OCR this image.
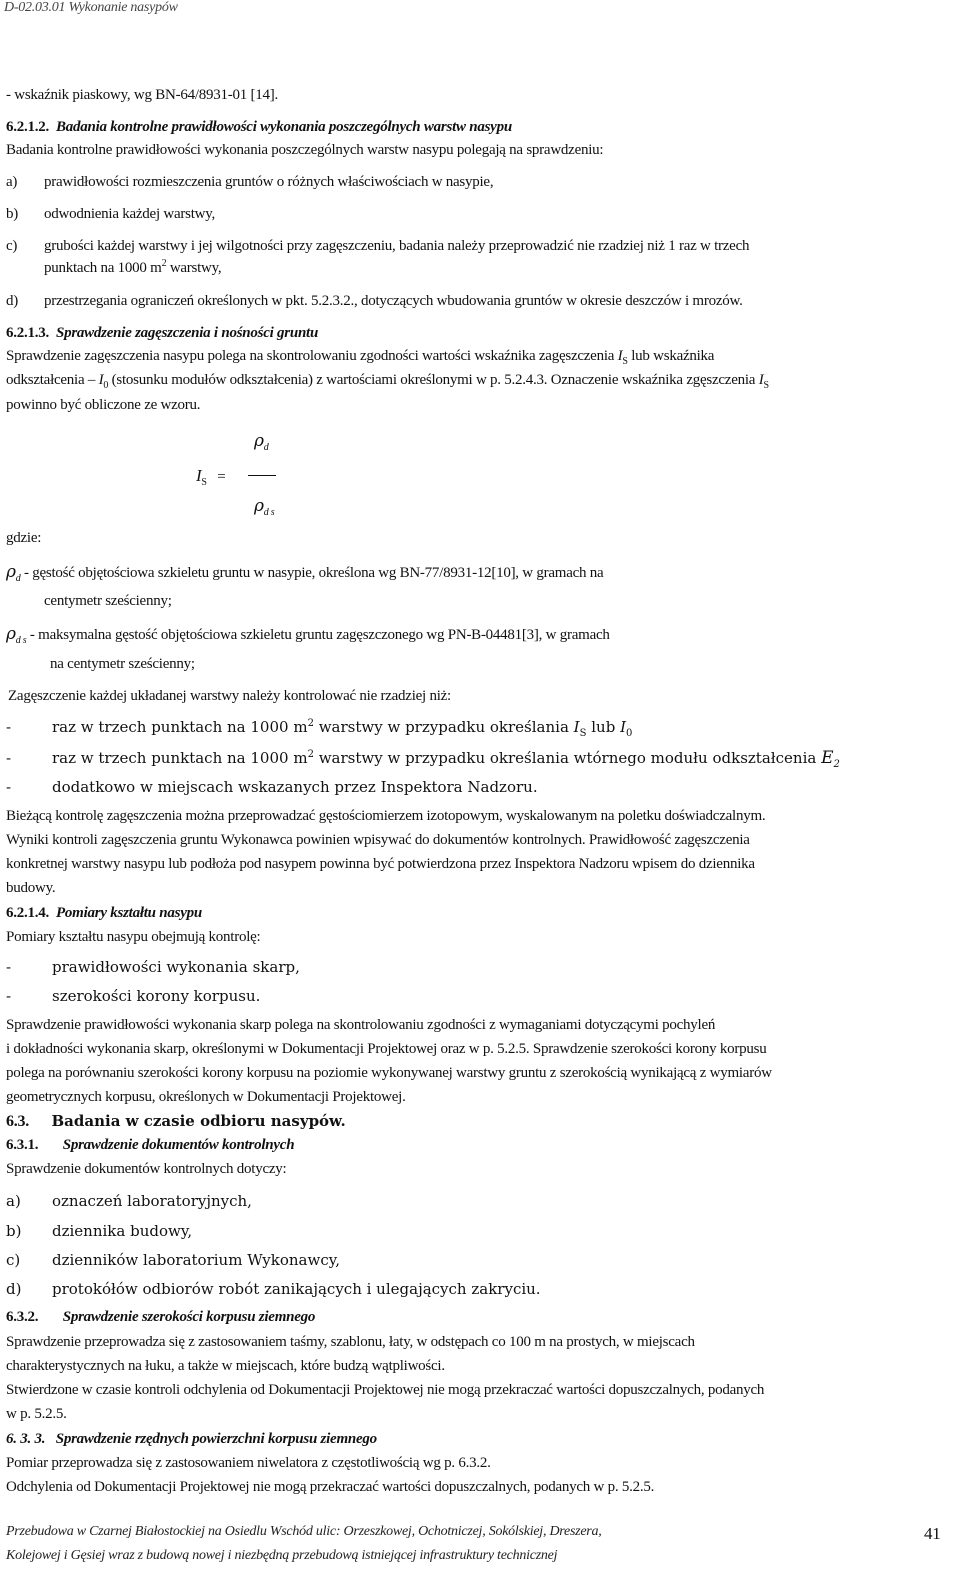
D-02.03.01 Wykonanie nasypów
- wskaźnik piaskowy, wg BN-64/8931-01 [14].
6.2.1.2. Badania kontrolne prawidłowości wykonania poszczególnych warstw nasypu
Badania kontrolne prawidłowości wykonania poszczególnych warstw nasypu polegają na sprawdzeniu:
a) prawidłowości rozmieszczenia gruntów o różnych właściwościach w nasypie,
b) odwodnienia każdej warstwy,
c) grubości każdej warstwy i jej wilgotności przy zagęszczeniu, badania należy przeprowadzić nie rzadziej niż 1 raz w trzech
punktach na 1000 $m^2$ warstwy,
d) przestrzegania ograniczeń określonych w pkt. 5.2.3.2., dotyczących wbudowania gruntów w okresie deszczów i mrozów.
6.2.1.3. Sprawdzenie zagęszczenia i nośności gruntu
Sprawdzenie zagęszczenia nasypu polega na skontrolowaniu zgodności wartości wskaźnika zagęszczenia $I_S$ lub wskaźnika
odkształcenia – $I_0$ (stosunku modułów odkształcenia) z wartościami określonymi w p. 5.2.4.3. Oznaczenie wskaźnika zgęszczenia $I_S$
powinno być obliczone ze wzoru.
$\rho_d$
$I_S$ =
$\rho_{d s}$
gdzie:
$\rho_d$ - gęstość objętościowa szkieletu gruntu w nasypie, określona wg BN-77/8931-12[10], w gramach na
centymetr sześcienny;
$\rho_{d s}$ - maksymalna gęstość objętościowa szkieletu gruntu zagęszczonego wg PN-B-04481[3], w gramach
na centymetr sześcienny;
Zagęszczenie każdej układanej warstwy należy kontrolować nie rzadziej niż:
-	raz w trzech punktach na 1000 $m^2$ warstwy w przypadku określania $I_S$ lub $I_0$
-	raz w trzech punktach na 1000 $m^2$ warstwy w przypadku określania wtórnego modułu odkształcenia $E_2$
-	dodatkowo w miejscach wskazanych przez Inspektora Nadzoru.
Bieżącą kontrolę zagęszczenia można przeprowadzać gęstościomierzem izotopowym, wyskalowanym na poletku doświadczalnym.
Wyniki kontroli zagęszczenia gruntu Wykonawca powinien wpisywać do dokumentów kontrolnych. Prawidłowość zagęszczenia
konkretnej warstwy nasypu lub podłoża pod nasypem powinna być potwierdzona przez Inspektora Nadzoru wpisem do dziennika
budowy.
6.2.1.4. Pomiary kształtu nasypu
Pomiary kształtu nasypu obejmują kontrolę:
-	prawidłowości wykonania skarp,
-	szerokości korony korpusu.
Sprawdzenie prawidłowości wykonania skarp polega na skontrolowaniu zgodności z wymaganiami dotyczącymi pochyleń
i dokładności wykonania skarp, określonymi w Dokumentacji Projektowej oraz w p. 5.2.5. Sprawdzenie szerokości korony korpusu
polega na porównaniu szerokości korony korpusu na poziomie wykonywanej warstwy gruntu z szerokością wynikającą z wymiarów
geometrycznych korpusu, określonych w Dokumentacji Projektowej.
6.3. Badania w czasie odbioru nasypów.
6.3.1. Sprawdzenie dokumentów kontrolnych
Sprawdzenie dokumentów kontrolnych dotyczy:
a) oznaczeń laboratoryjnych,
b) dziennika budowy,
c) dzienników laboratorium Wykonawcy,
d) protokółów odbiorów robót zanikających i ulegających zakryciu.
6.3.2. Sprawdzenie szerokości korpusu ziemnego
Sprawdzenie przeprowadza się z zastosowaniem taśmy, szablonu, łaty, w odstępach co 100 m na prostych, w miejscach
charakterystycznych na łuku, a także w miejscach, które budzą wątpliwości.
Stwierdzone w czasie kontroli odchylenia od Dokumentacji Projektowej nie mogą przekraczać wartości dopuszczalnych, podanych
w p. 5.2.5.
6. 3. 3. Sprawdzenie rzędnych powierzchni korpusu ziemnego
Pomiar przeprowadza się z zastosowaniem niwelatora z częstotliwością wg p. 6.3.2.
Odchylenia od Dokumentacji Projektowej nie mogą przekraczać wartości dopuszczalnych, podanych w p. 5.2.5.
Przebudowa w Czarnej Białostockiej na Osiedlu Wschód ulic: Orzeszkowej, Ochotniczej, Sokólskiej, Dreszera,
Kolejowej i Gęsiej wraz z budową nowej i niezbędną przebudową istniejącej infrastruktury technicznej
41
